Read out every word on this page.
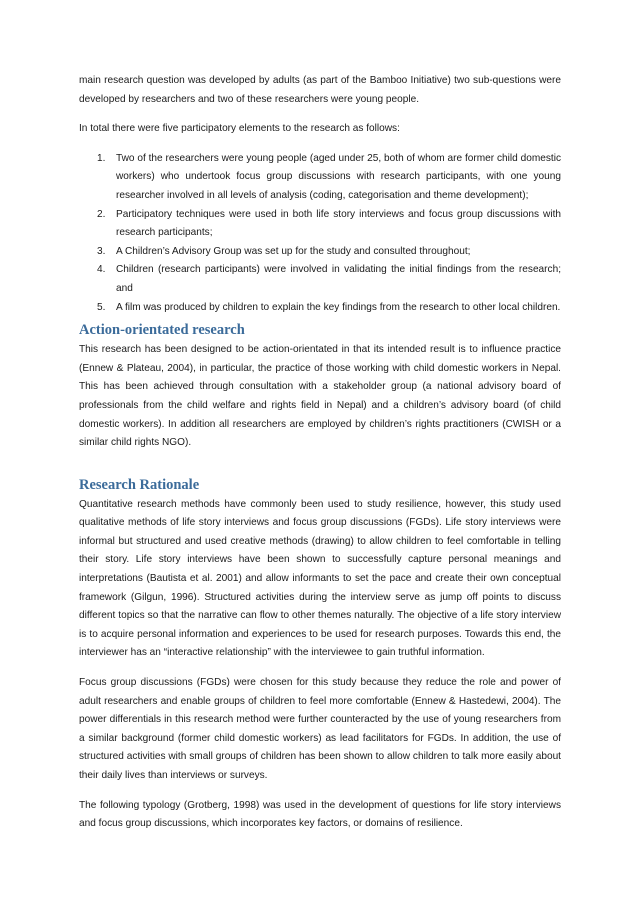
main research question was developed by adults (as part of the Bamboo Initiative) two sub-questions were developed by researchers and two of these researchers were young people.

In total there were five participatory elements to the research as follows:

1. Two of the researchers were young people (aged under 25, both of whom are former child domestic workers) who undertook focus group discussions with research participants, with one young researcher involved in all levels of analysis (coding, categorisation and theme development);
2. Participatory techniques were used in both life story interviews and focus group discussions with research participants;
3. A Children’s Advisory Group was set up for the study and consulted throughout;
4. Children (research participants) were involved in validating the initial findings from the research; and
5. A film was produced by children to explain the key findings from the research to other local children.
Action-orientated research

This research has been designed to be action-orientated in that its intended result is to influence practice (Ennew & Plateau, 2004), in particular, the practice of those working with child domestic workers in Nepal. This has been achieved through consultation with a stakeholder group (a national advisory board of professionals from the child welfare and rights field in Nepal) and a children’s advisory board (of child domestic workers). In addition all researchers are employed by children’s rights practitioners (CWISH or a similar child rights NGO).

Research Rationale

Quantitative research methods have commonly been used to study resilience, however, this study used qualitative methods of life story interviews and focus group discussions (FGDs). Life story interviews were informal but structured and used creative methods (drawing) to allow children to feel comfortable in telling their story. Life story interviews have been shown to successfully capture personal meanings and interpretations (Bautista et al. 2001) and allow informants to set the pace and create their own conceptual framework (Gilgun, 1996). Structured activities during the interview serve as jump off points to discuss different topics so that the narrative can flow to other themes naturally. The objective of a life story interview is to acquire personal information and experiences to be used for research purposes. Towards this end, the interviewer has an “interactive relationship” with the interviewee to gain truthful information.

Focus group discussions (FGDs) were chosen for this study because they reduce the role and power of adult researchers and enable groups of children to feel more comfortable (Ennew & Hastedewi, 2004). The power differentials in this research method were further counteracted by the use of young researchers from a similar background (former child domestic workers) as lead facilitators for FGDs. In addition, the use of structured activities with small groups of children has been shown to allow children to talk more easily about their daily lives than interviews or surveys.

The following typology (Grotberg, 1998) was used in the development of questions for life story interviews and focus group discussions, which incorporates key factors, or domains of resilience.
